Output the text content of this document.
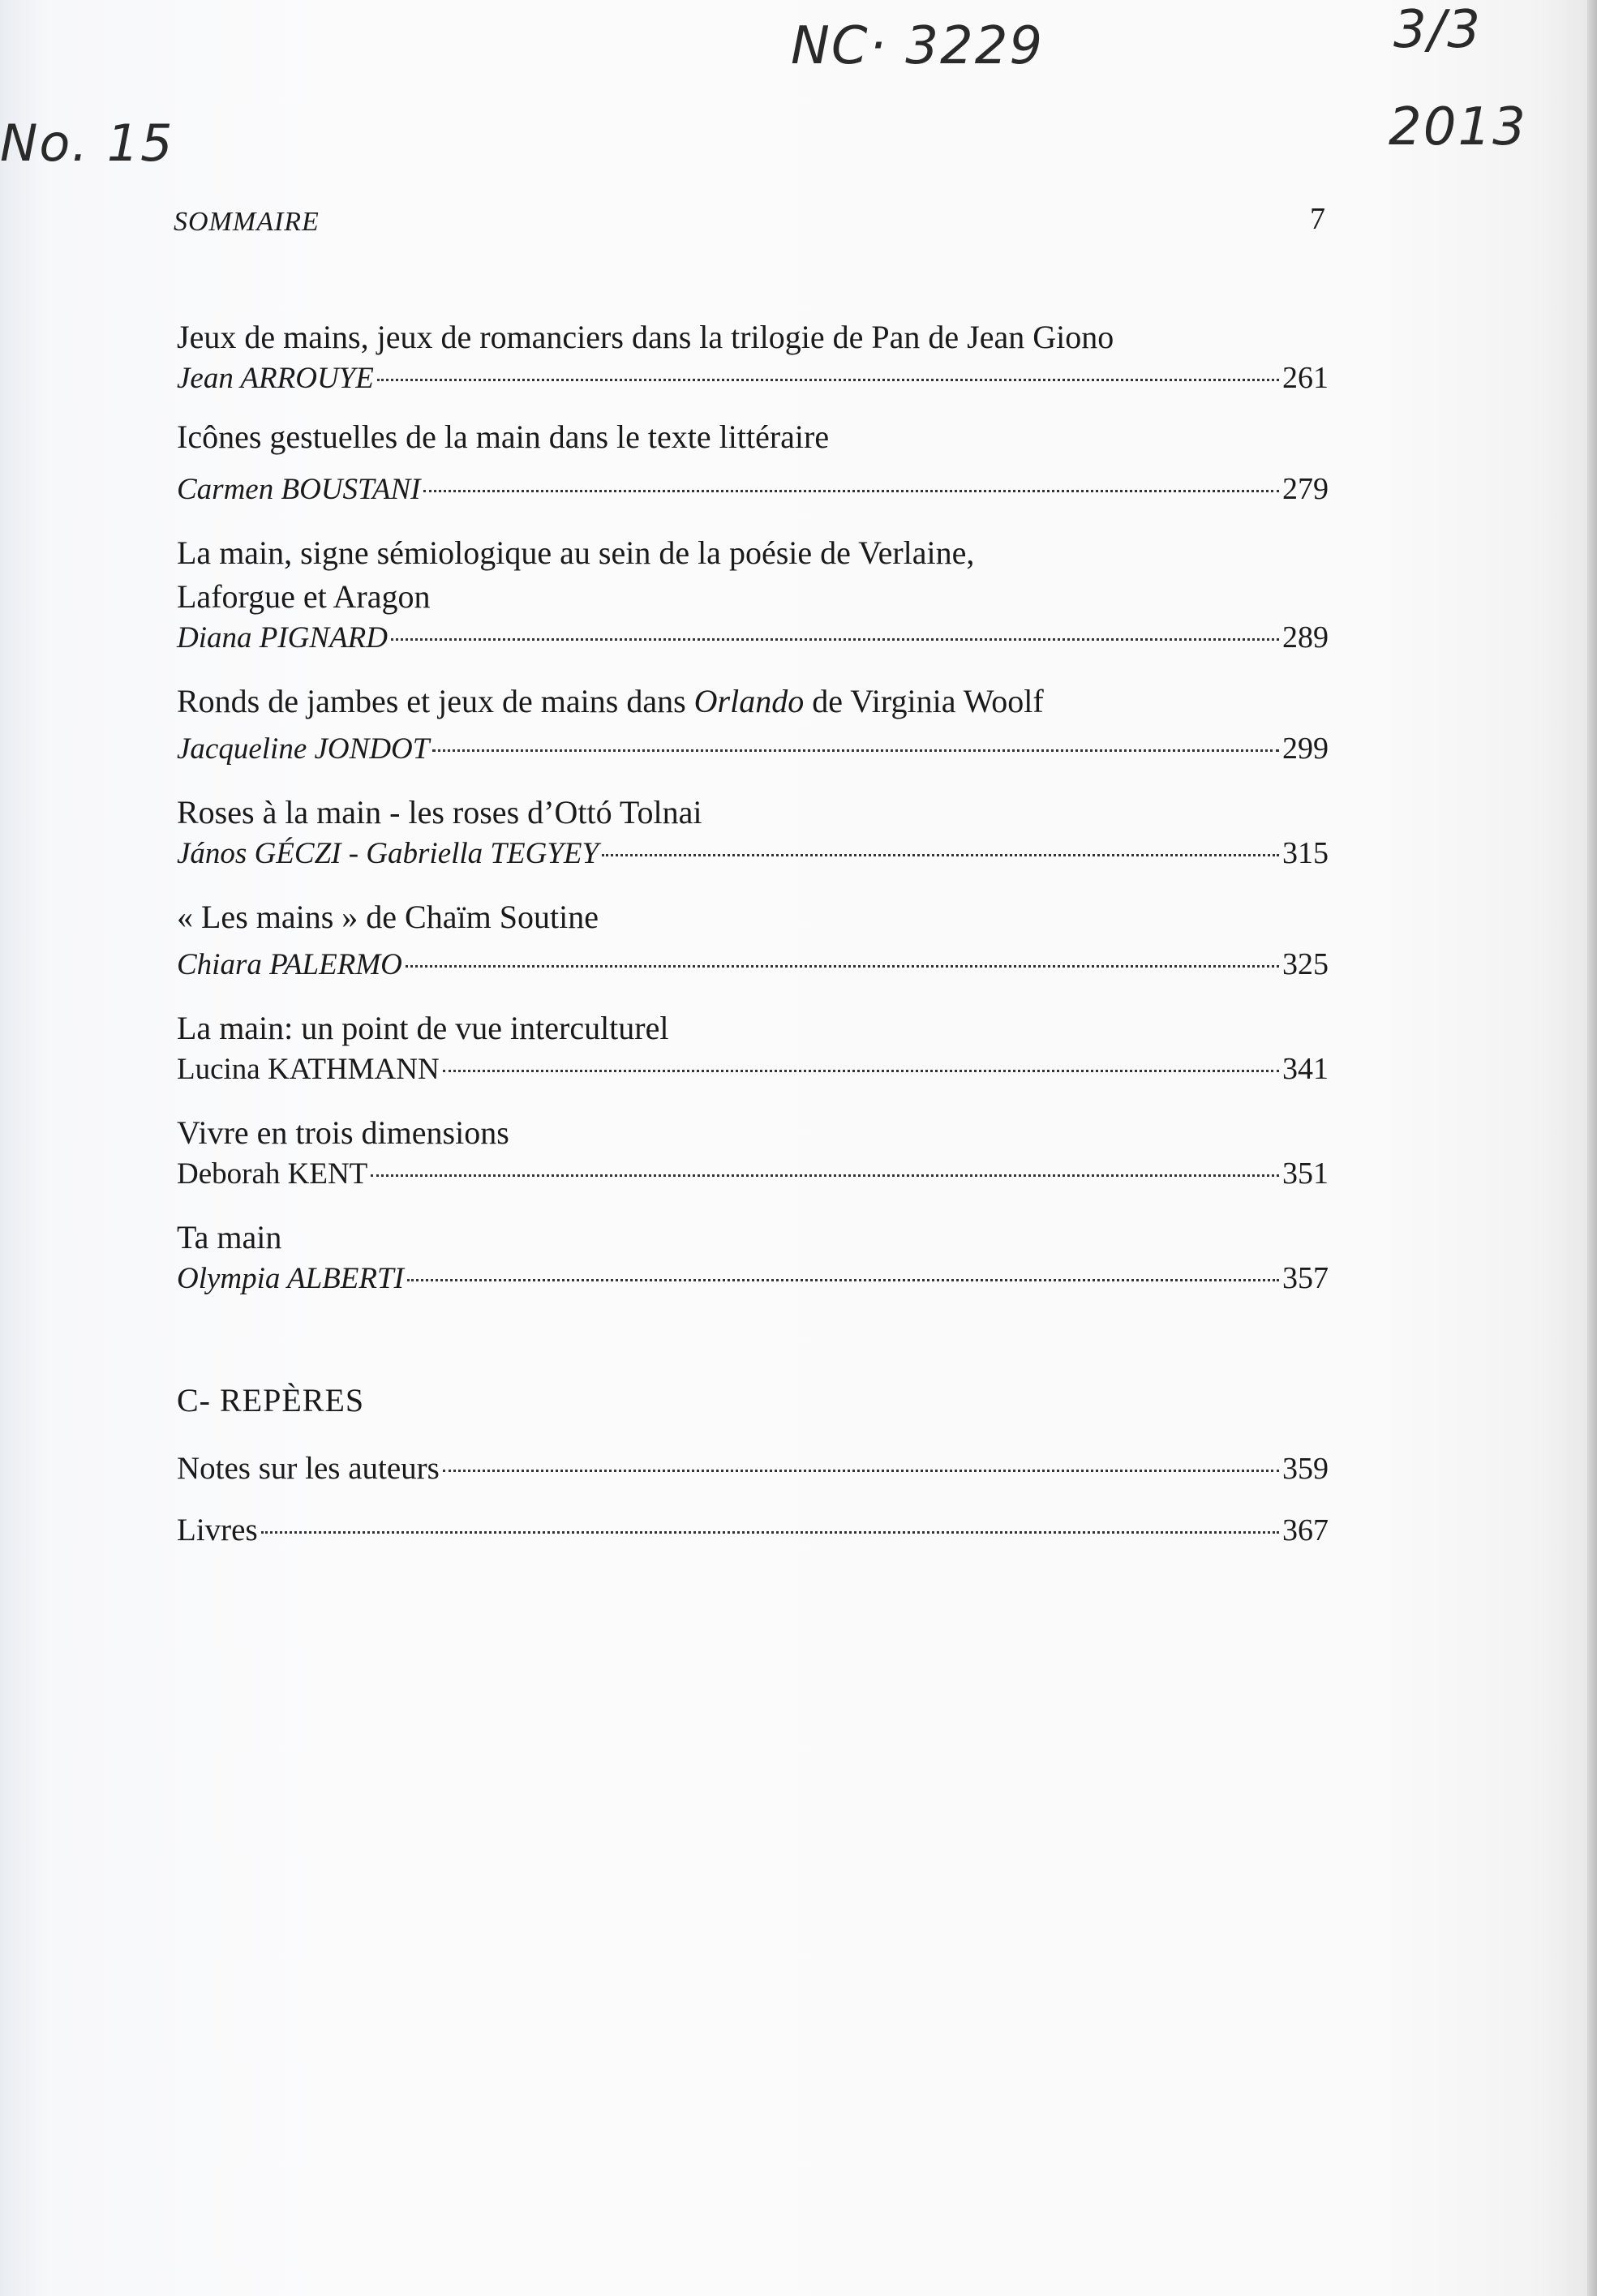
NC· 3229
No. 15
3/3
2013
SOMMAIRE	7
Jeux de mains, jeux de romanciers dans la trilogie de Pan de Jean Giono
Jean ARROUYE	261
Icônes gestuelles de la main dans le texte littéraire
Carmen BOUSTANI	279
La main, signe sémiologique au sein de la poésie de Verlaine,
Laforgue et Aragon
Diana PIGNARD	289
Ronds de jambes et jeux de mains dans Orlando de Virginia Woolf
Jacqueline JONDOT	299
Roses à la main - les roses d’Ottó Tolnai
János GÉCZI - Gabriella TEGYEY	315
« Les mains » de Chaïm Soutine
Chiara PALERMO	325
La main: un point de vue interculturel
Lucina KATHMANN	341
Vivre en trois dimensions
Deborah KENT	351
Ta main
Olympia ALBERTI	357
C- REPÈRES
Notes sur les auteurs	359
Livres	367
